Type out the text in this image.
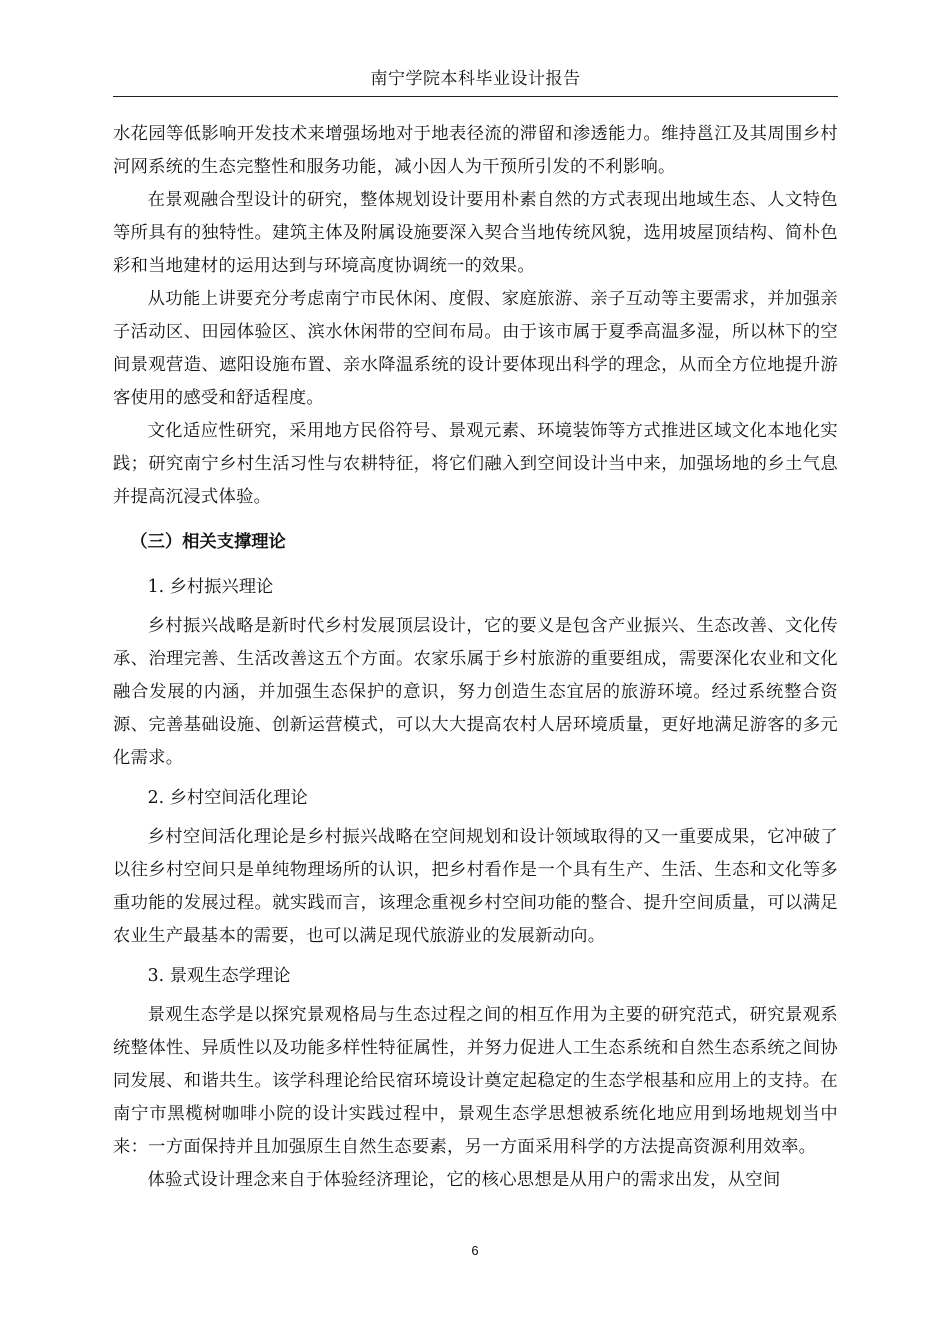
南宁学院本科毕业设计报告

水花园等低影响开发技术来增强场地对于地表径流的滞留和渗透能力。维持邕江及其周围乡村河网系统的生态完整性和服务功能，减小因人为干预所引发的不利影响。

在景观融合型设计的研究，整体规划设计要用朴素自然的方式表现出地域生态、人文特色等所具有的独特性。建筑主体及附属设施要深入契合当地传统风貌，选用坡屋顶结构、简朴色彩和当地建材的运用达到与环境高度协调统一的效果。

从功能上讲要充分考虑南宁市民休闲、度假、家庭旅游、亲子互动等主要需求，并加强亲子活动区、田园体验区、滨水休闲带的空间布局。由于该市属于夏季高温多湿，所以林下的空间景观营造、遮阳设施布置、亲水降温系统的设计要体现出科学的理念，从而全方位地提升游客使用的感受和舒适程度。

文化适应性研究，采用地方民俗符号、景观元素、环境装饰等方式推进区域文化本地化实践；研究南宁乡村生活习性与农耕特征，将它们融入到空间设计当中来，加强场地的乡土气息并提高沉浸式体验。

（三）相关支撑理论
1. 乡村振兴理论

乡村振兴战略是新时代乡村发展顶层设计，它的要义是包含产业振兴、生态改善、文化传承、治理完善、生活改善这五个方面。农家乐属于乡村旅游的重要组成，需要深化农业和文化融合发展的内涵，并加强生态保护的意识，努力创造生态宜居的旅游环境。经过系统整合资源、完善基础设施、创新运营模式，可以大大提高农村人居环境质量，更好地满足游客的多元化需求。

2. 乡村空间活化理论

乡村空间活化理论是乡村振兴战略在空间规划和设计领域取得的又一重要成果，它冲破了以往乡村空间只是单纯物理场所的认识，把乡村看作是一个具有生产、生活、生态和文化等多重功能的发展过程。就实践而言，该理念重视乡村空间功能的整合、提升空间质量，可以满足农业生产最基本的需要，也可以满足现代旅游业的发展新动向。

3. 景观生态学理论

景观生态学是以探究景观格局与生态过程之间的相互作用为主要的研究范式，研究景观系统整体性、异质性以及功能多样性特征属性，并努力促进人工生态系统和自然生态系统之间协同发展、和谐共生。该学科理论给民宿环境设计奠定起稳定的生态学根基和应用上的支持。在南宁市黑榄树咖啡小院的设计实践过程中，景观生态学思想被系统化地应用到场地规划当中来：一方面保持并且加强原生自然生态要素，另一方面采用科学的方法提高资源利用效率。

体验式设计理念来自于体验经济理论，它的核心思想是从用户的需求出发，从空间

6
